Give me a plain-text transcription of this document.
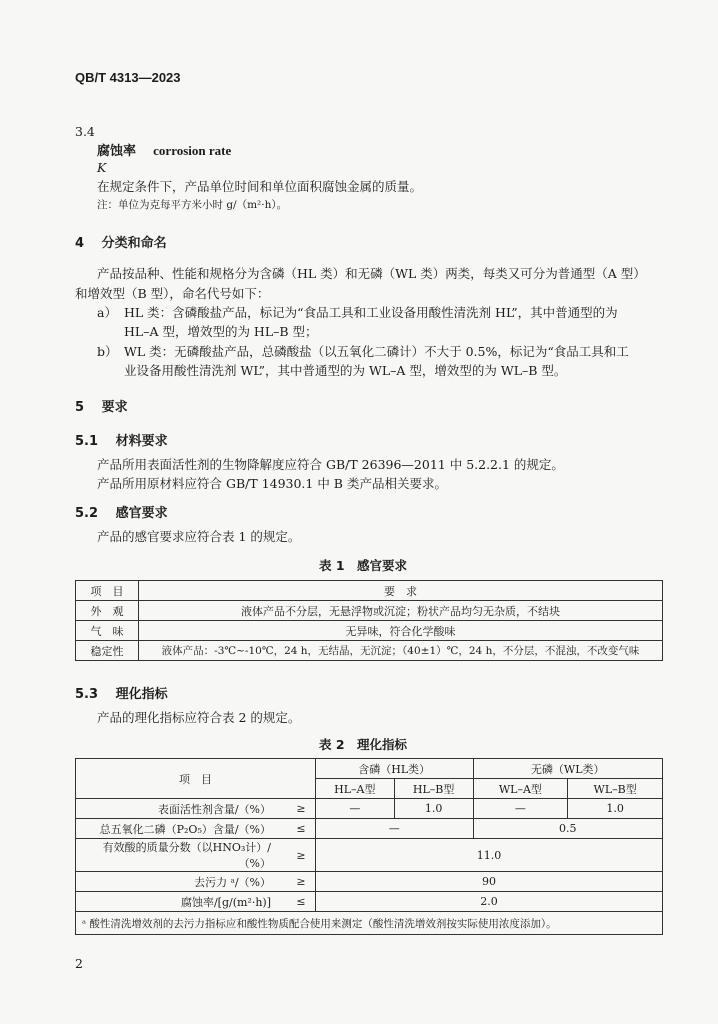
QB/T 4313—2023
3.4
腐蚀率　 corrosion rate
K
在规定条件下，产品单位时间和单位面积腐蚀金属的质量。
注：单位为克每平方米小时 g/（m²·h）。
4　 分类和命名
产品按品种、性能和规格分为含磷（HL 类）和无磷（WL 类）两类，每类又可分为普通型（A 型）
和增效型（B 型），命名代号如下：
a） HL 类：含磷酸盐产品，标记为“食品工具和工业设备用酸性清洗剂 HL”，其中普通型的为
HL–A 型，增效型的为 HL–B 型；
b） WL 类：无磷酸盐产品，总磷酸盐（以五氧化二磷计）不大于 0.5%，标记为“食品工具和工
业设备用酸性清洗剂 WL”，其中普通型的为 WL–A 型，增效型的为 WL–B 型。
5　 要求
5.1　 材料要求
产品所用表面活性剂的生物降解度应符合 GB/T 26396—2011 中 5.2.2.1 的规定。
产品所用原材料应符合 GB/T 14930.1 中 B 类产品相关要求。
5.2　 感官要求
产品的感官要求应符合表 1 的规定。
表 1　感官要求
项　目	要　求
外　观	液体产品不分层，无悬浮物或沉淀；粉状产品均匀无杂质，不结块
气　味	无异味，符合化学酸味
稳定性	液体产品：-3℃~-10℃，24 h，无结晶，无沉淀；（40±1）℃，24 h，不分层，不混浊，不改变气味
5.3　 理化指标
产品的理化指标应符合表 2 的规定。
表 2　理化指标
项　目		含磷（HL类）		无磷（WL类）	
		HL–A型	HL–B型	WL–A型	WL–B型
表面活性剂含量/（%）	≥	—	1.0	—	1.0
总五氧化二磷（P₂O₅）含量/（%）	≤	—		0.5	
有效酸的质量分数（以HNO₃计）/（%）	≥	11.0			
去污力 ᵃ/（%）	≥	90			
腐蚀率/[g/(m²·h)]	≤	2.0			
ᵃ 酸性清洗增效剂的去污力指标应和酸性物质配合使用来测定（酸性清洗增效剂按实际使用浓度添加）。					
2
